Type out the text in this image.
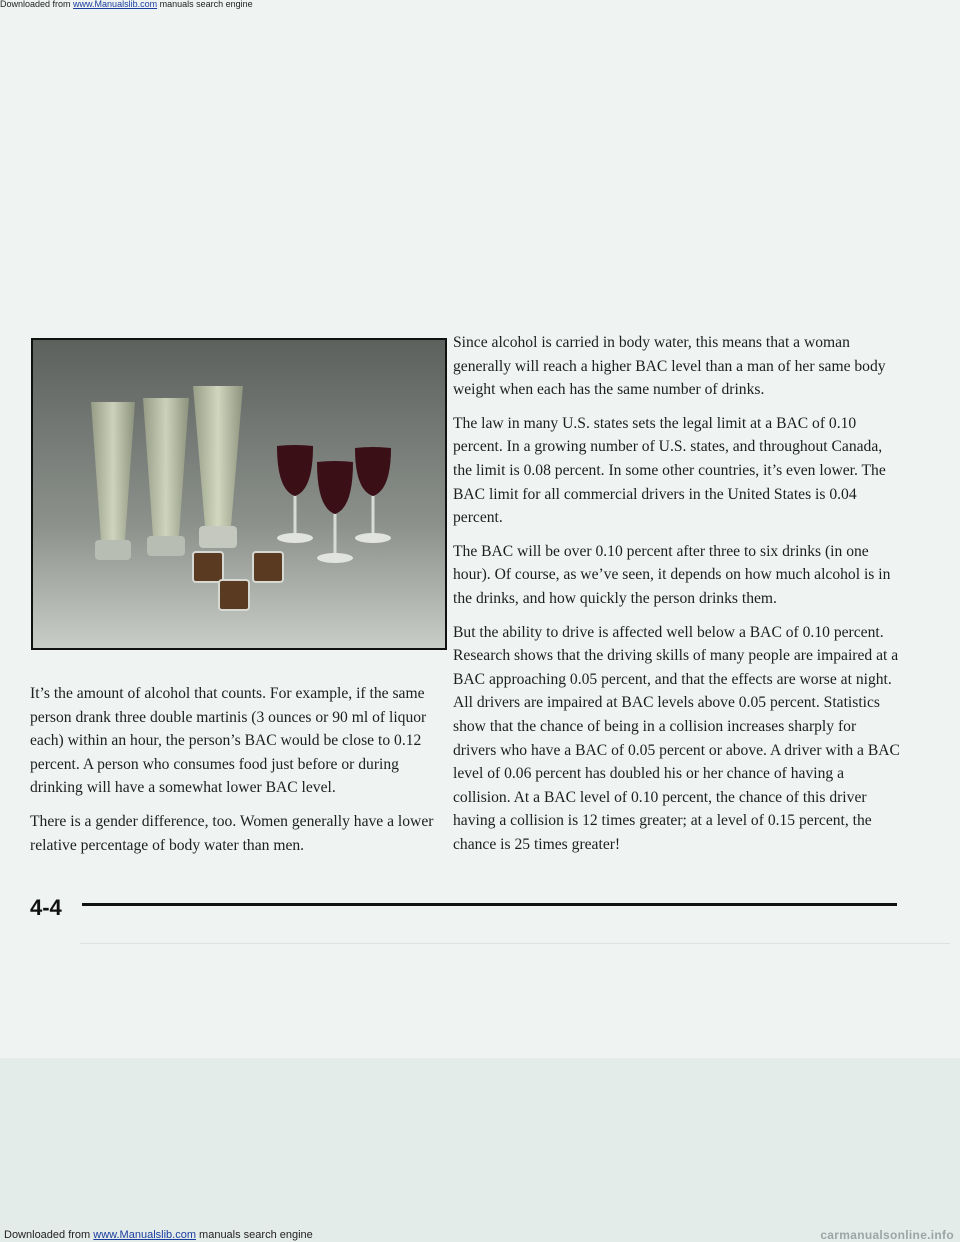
Downloaded from www.Manualslib.com manuals search engine

It’s the amount of alcohol that counts. For example, if the same person drank three double martinis (3 ounces or 90 ml of liquor each) within an hour, the person’s BAC would be close to 0.12 percent. A person who consumes food just before or during drinking will have a somewhat lower BAC level.

There is a gender difference, too. Women generally have a lower relative percentage of body water than men.

Since alcohol is carried in body water, this means that a woman generally will reach a higher BAC level than a man of her same body weight when each has the same number of drinks.

The law in many U.S. states sets the legal limit at a BAC of 0.10 percent. In a growing number of U.S. states, and throughout Canada, the limit is 0.08 percent. In some other countries, it’s even lower. The BAC limit for all commercial drivers in the United States is 0.04 percent.

The BAC will be over 0.10 percent after three to six drinks (in one hour). Of course, as we’ve seen, it depends on how much alcohol is in the drinks, and how quickly the person drinks them.

But the ability to drive is affected well below a BAC of 0.10 percent. Research shows that the driving skills of many people are impaired at a BAC approaching 0.05 percent, and that the effects are worse at night. All drivers are impaired at BAC levels above 0.05 percent. Statistics show that the chance of being in a collision increases sharply for drivers who have a BAC of 0.05 percent or above. A driver with a BAC level of 0.06 percent has doubled his or her chance of having a collision. At a BAC level of 0.10 percent, the chance of this driver having a collision is 12 times greater; at a level of 0.15 percent, the chance is 25 times greater!

4-4
Downloaded from www.Manualslib.com manuals search engine	carmanualsonline.info
